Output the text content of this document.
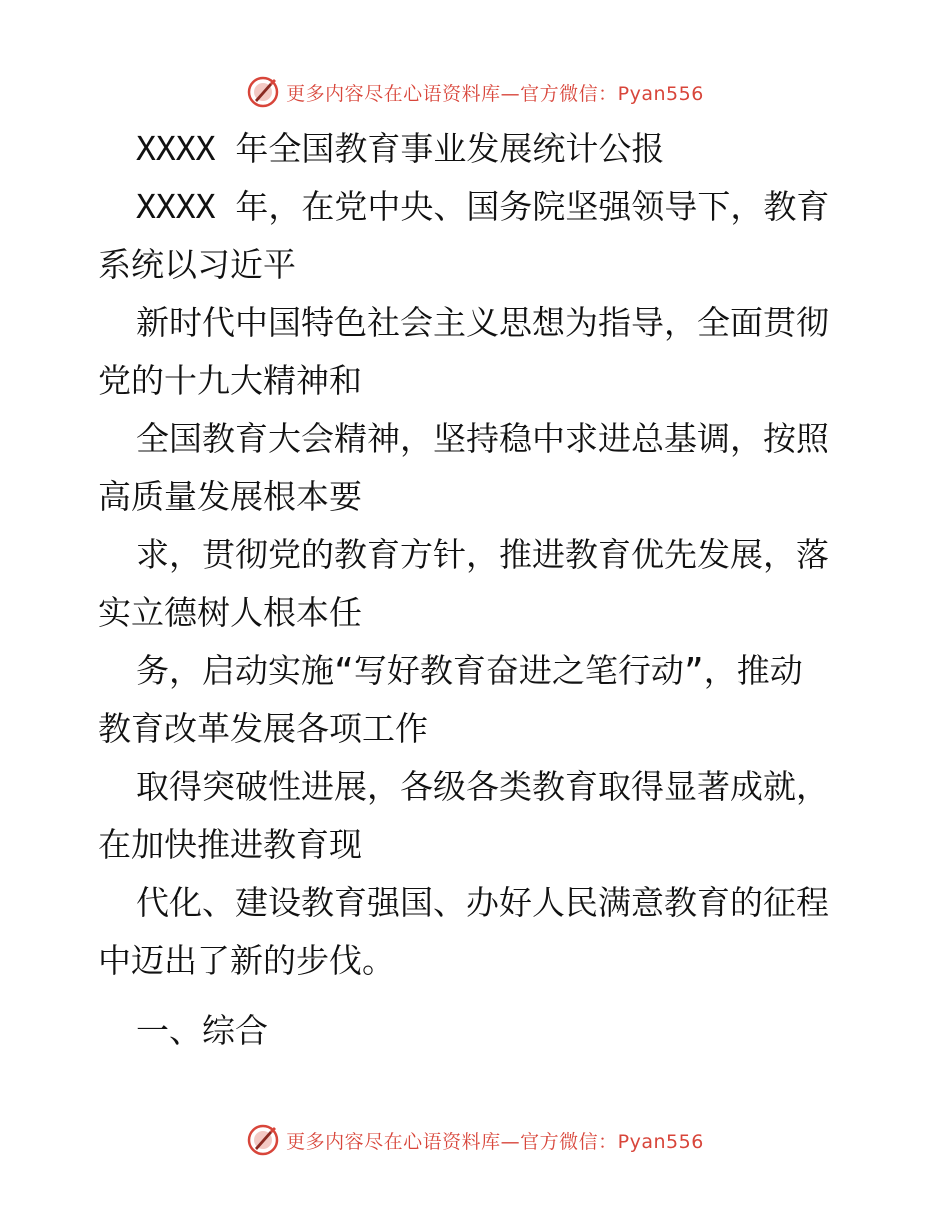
更多内容尽在心语资料库—官方微信：Pyan556
XXXX 年全国教育事业发展统计公报
XXXX 年，在党中央、国务院坚强领导下，教育
系统以习近平
新时代中国特色社会主义思想为指导，全面贯彻
党的十九大精神和
全国教育大会精神，坚持稳中求进总基调，按照
高质量发展根本要
求，贯彻党的教育方针，推进教育优先发展，落
实立德树人根本任
务，启动实施“写好教育奋进之笔行动”，推动
教育改革发展各项工作
取得突破性进展，各级各类教育取得显著成就，
在加快推进教育现
代化、建设教育强国、办好人民满意教育的征程
中迈出了新的步伐。
一、综合
更多内容尽在心语资料库—官方微信：Pyan556
